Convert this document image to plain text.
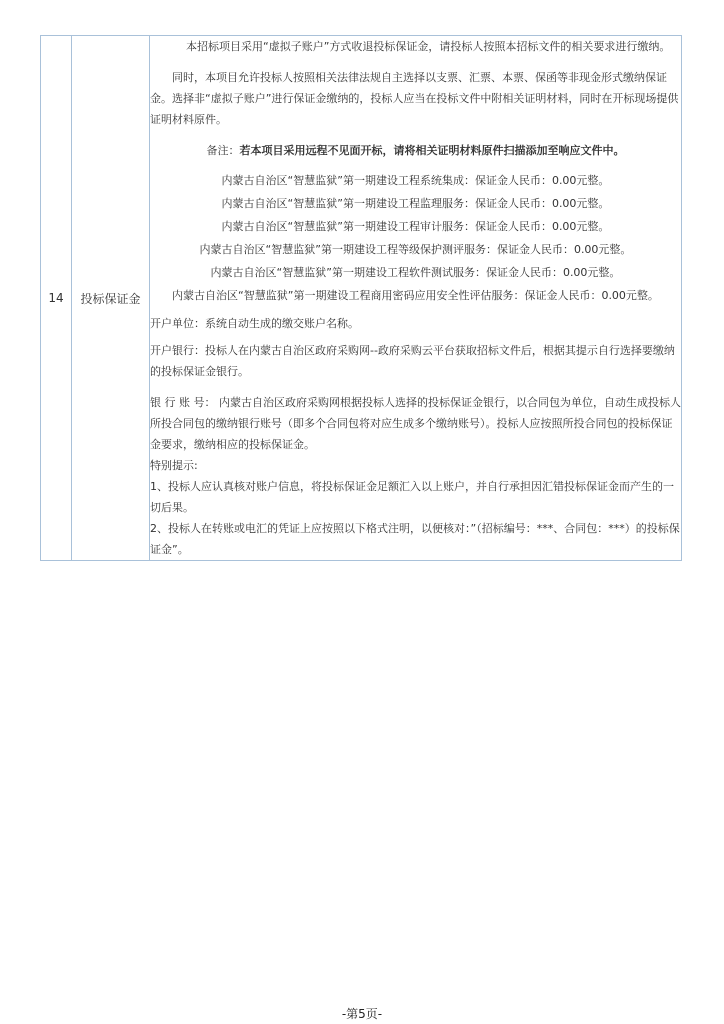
14	投标保证金	

本招标项目采用“虚拟子账户”方式收退投标保证金，请投标人按照本招标文件的相关要求进行缴纳。

同时，本项目允许投标人按照相关法律法规自主选择以支票、汇票、本票、保函等非现金形式缴纳保证金。选择非“虚拟子账户”进行保证金缴纳的，投标人应当在投标文件中附相关证明材料，同时在开标现场提供证明材料原件。

备注：若本项目采用远程不见面开标，请将相关证明材料原件扫描添加至响应文件中。

内蒙古自治区“智慧监狱”第一期建设工程系统集成：保证金人民币：0.00元整。
内蒙古自治区“智慧监狱”第一期建设工程监理服务：保证金人民币：0.00元整。
内蒙古自治区“智慧监狱”第一期建设工程审计服务：保证金人民币：0.00元整。
内蒙古自治区“智慧监狱”第一期建设工程等级保护测评服务：保证金人民币：0.00元整。
内蒙古自治区“智慧监狱”第一期建设工程软件测试服务：保证金人民币：0.00元整。
内蒙古自治区“智慧监狱”第一期建设工程商用密码应用安全性评估服务：保证金人民币：0.00元整。

开户单位：系统自动生成的缴交账户名称。

开户银行：投标人在内蒙古自治区政府采购网--政府采购云平台获取招标文件后，根据其提示自行选择要缴纳的投标保证金银行。

银 行 账 号： 内蒙古自治区政府采购网根据投标人选择的投标保证金银行，以合同包为单位，自动生成投标人所投合同包的缴纳银行账号（即多个合同包将对应生成多个缴纳账号）。投标人应按照所投合同包的投标保证金要求，缴纳相应的投标保证金。

特别提示:

1、投标人应认真核对账户信息，将投标保证金足额汇入以上账户，并自行承担因汇错投标保证金而产生的一切后果。

2、投标人在转账或电汇的凭证上应按照以下格式注明，以便核对：”（招标编号：***、合同包：***）的投标保证金”。

-第5页-
